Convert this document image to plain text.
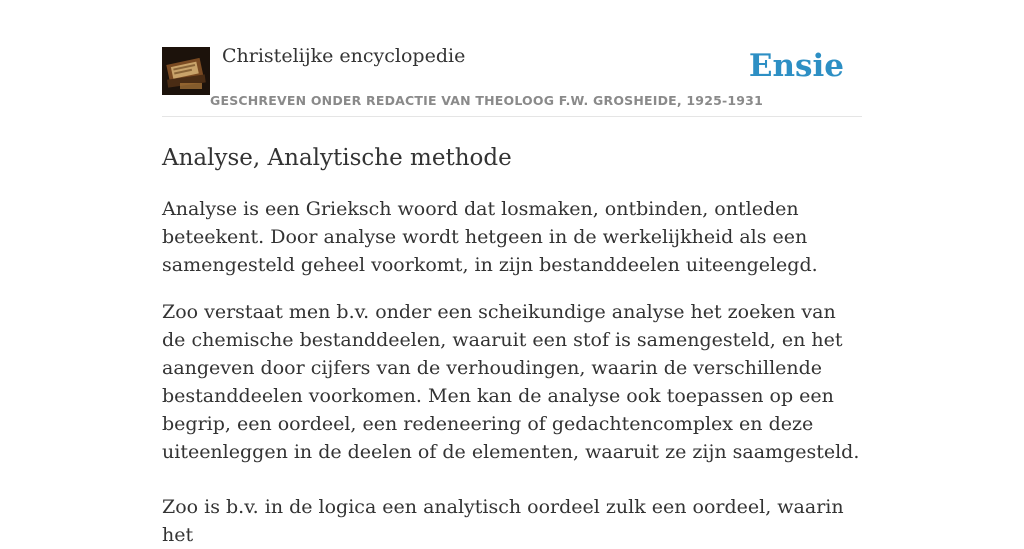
Christelijke encyclopedie
GESCHREVEN ONDER REDACTIE VAN THEOLOOG F.W. GROSHEIDE, 1925-1931
Ensie
Analyse, Analytische methode

Analyse is een Grieksch woord dat losmaken, ontbinden, ontleden beteekent. Door analyse wordt hetgeen in de werkelijkheid als een samengesteld geheel voorkomt, in zijn bestanddeelen uiteengelegd.

Zoo verstaat men b.v. onder een scheikundige analyse het zoeken van de chemische bestanddeelen, waaruit een stof is samengesteld, en het aangeven door cijfers van de verhoudingen, waarin de verschillende bestanddeelen voorkomen. Men kan de analyse ook toepassen op een begrip, een oordeel, een redeneering of gedachtencomplex en deze uiteenleggen in de deelen of de elementen, waaruit ze zijn saamgesteld.

Zoo is b.v. in de logica een analytisch oordeel zulk een oordeel, waarin het
